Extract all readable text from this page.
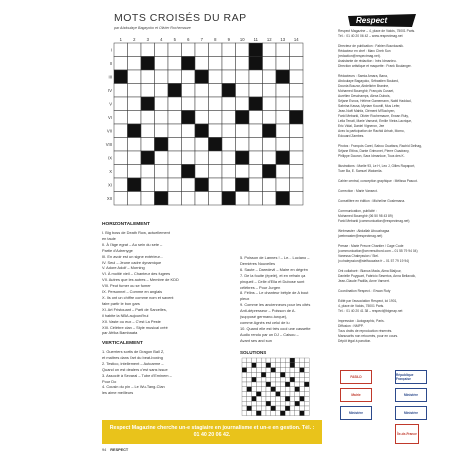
MOTS CROISÉS DU RAP
par Abdoulaye Bagayoko et Olivier Rochemaure
1	2	3	4	5	6	7	8	9 10 11 12 13 14
I
II
III
IV
V
VI
VII
VIII
IX
X
XI
XII
HORIZONTALEMENT
I. Big boss de Death Row, actuellement
en taule
II. À l'âge egrat – Au sein du sete –
Partie d'Adrenyge
III. En avoir est un signe extérieur...
IV. Seul – Jeune cadre dynamique
V. Adore Adolf – Morning
VI. À moitié vieil – Chanteur des fugees
VII. Autres que les autres – Membre de KDD
VIII. Peut fumer ou se fumer
IX. Personnel – Comme en anglais
X. Ils ont un chiffre comme nom et savent
faire partir le bon gars
XI. Art Fristouant – Parti de Sarcelles,
il habite la NBA aujourd'hui
XII. Vaste ou eux – C'est La Peste
XIII. Célèbre clan – Style musical créé
par Afrika Bambaata
VERTICALEMENT
1. Guerriers sortis de Dragon Ball Z,
et maîtres dans l'art du beat-boxing
2. Testico, intellement – Autoarme –
Quand on est dealers c'est sans issue
3. Associé à Sevaral – Tube d'Eminem –
Pour Do
4. Cousin du pin – Le Wu-Tang-Clan
les aime meilleurs
5. Poisson de Lannes ! – Le... Luciano –
Dernières Nouvelles
6. Saute – Daredevil – Maire en dégrèn
7. De la fouite (épelé), et en refrain ça
pinqueil – Celle d'Ella et Dubose sont
célèbres – Pour Jurgen
8. Félins – Le chanteur bétyle de A bout
pieux
9. Comme les ancienneurs pour les cités
Anti-dépresseur – Poisson de A.
(supposé germano-turque),
comme Agnès est celui de lu
10. Quand elle est très cool une cassette
Audio rendu par un DJ – Caisou –
Avant ses and sun
SOLUTIONS
Respect Magazine cherche un-e stagiaire en journalisme et un-e en gestion. Tél. : 01 40 20 06 42.
94 RESPECT
Respect
Respect Magazine – 4, place de Valois, 75001 Paris.
Tél. : 01 40 20 06 42 – www.respectmag.net

Directeur de publication : Fabien Bourdazaik.
Rédacteur en chef : Marc Cheb Sun
(redaction@respectmag.net).
Assistante de rédaction : Inès Idmanieu.
Direction artistique et maquette : Frank Boulanger.

Rédacteurs : Samia Amara, Bana,
Abdoulaye Bagayoko, Sébastien Boulard,
Dounia Bouzar, Abdelkrim Branine,
Mohamed Boumghir, François Cusset,
Aurélien Deschamps, Alexa Dubois,
Séjane Esnos, Hélène Gamemann, Nabil Haddad,
Sabrina Kassa, Myriam Kounifi, Mus Lefer,
Jean-Noël Mahfa, Clément M'Bochyen,
Farid Mebarki, Olivier Rochemaure, Erwan Ruty,
Leila Tenati, Marie Vansect, Emilie Vieira-Lacrique,
Eric Vidal, Daniel Vigneron, Jee
Avec la participation de Rachid Arhab, Momo,
Edouard Zambes.

Photos : François Carel, Sabou Ouattara, Rachid Delhag,
Séjane Ettina, Dante Grimonet, Pierre Ouadrany,
Philippe Dauron, Sara Idmankue, Tous des K.

Illustrations : Marlie 93, Le H, Leo J, Gilles Rapaport,
Toze Ba, E. Samuel Watomiia.

Cahier central, conception graphique : Mélissa Pascot.

Correction : Marie Vansect.

Conseillère en édition : Micheline Goslemana.

Communication, publicité :
Mohamed Boumghir (06 50 98 43 89)
Farid Mebarki (communication@respectmag.net)

Webmaster : Abdallah Abouzhagsa
(webmaster@respectmag.net)

Presse : Marie Preuve Chantier / Cage Code
(communication@cevrenuibord.com – 01 55 79 94 04)
Vanessa Chaleyssion / Stel.
(v.chaleyssion@stelfaucaise.fr – 01 57 79 19 94)

Ont collaboré : Bianca Mada, Alma Blaijour,
Danielle Puyguart, Fabricio Sesertos, Anna Bellavoik,
Jean-Claude Padilla, Anne Vanvert.

Coordination Respect. : Erwan Ruty

Édité par l'association Respect, loi 1901,
4, place de Valois, 75001 Paris.
Tél. : 01 40 20 41 38 – respect@bigmap.net

Impression : Autographic, Paris.
Diffusion : NMPP.
Tous droits de reproduction réservés.
Manuscrits non retournés, pour en cours.
Dépôt légal à parution.
FASILD	République Française
Mairie	Ministère
Ministère	Ministère
Île-de-France
